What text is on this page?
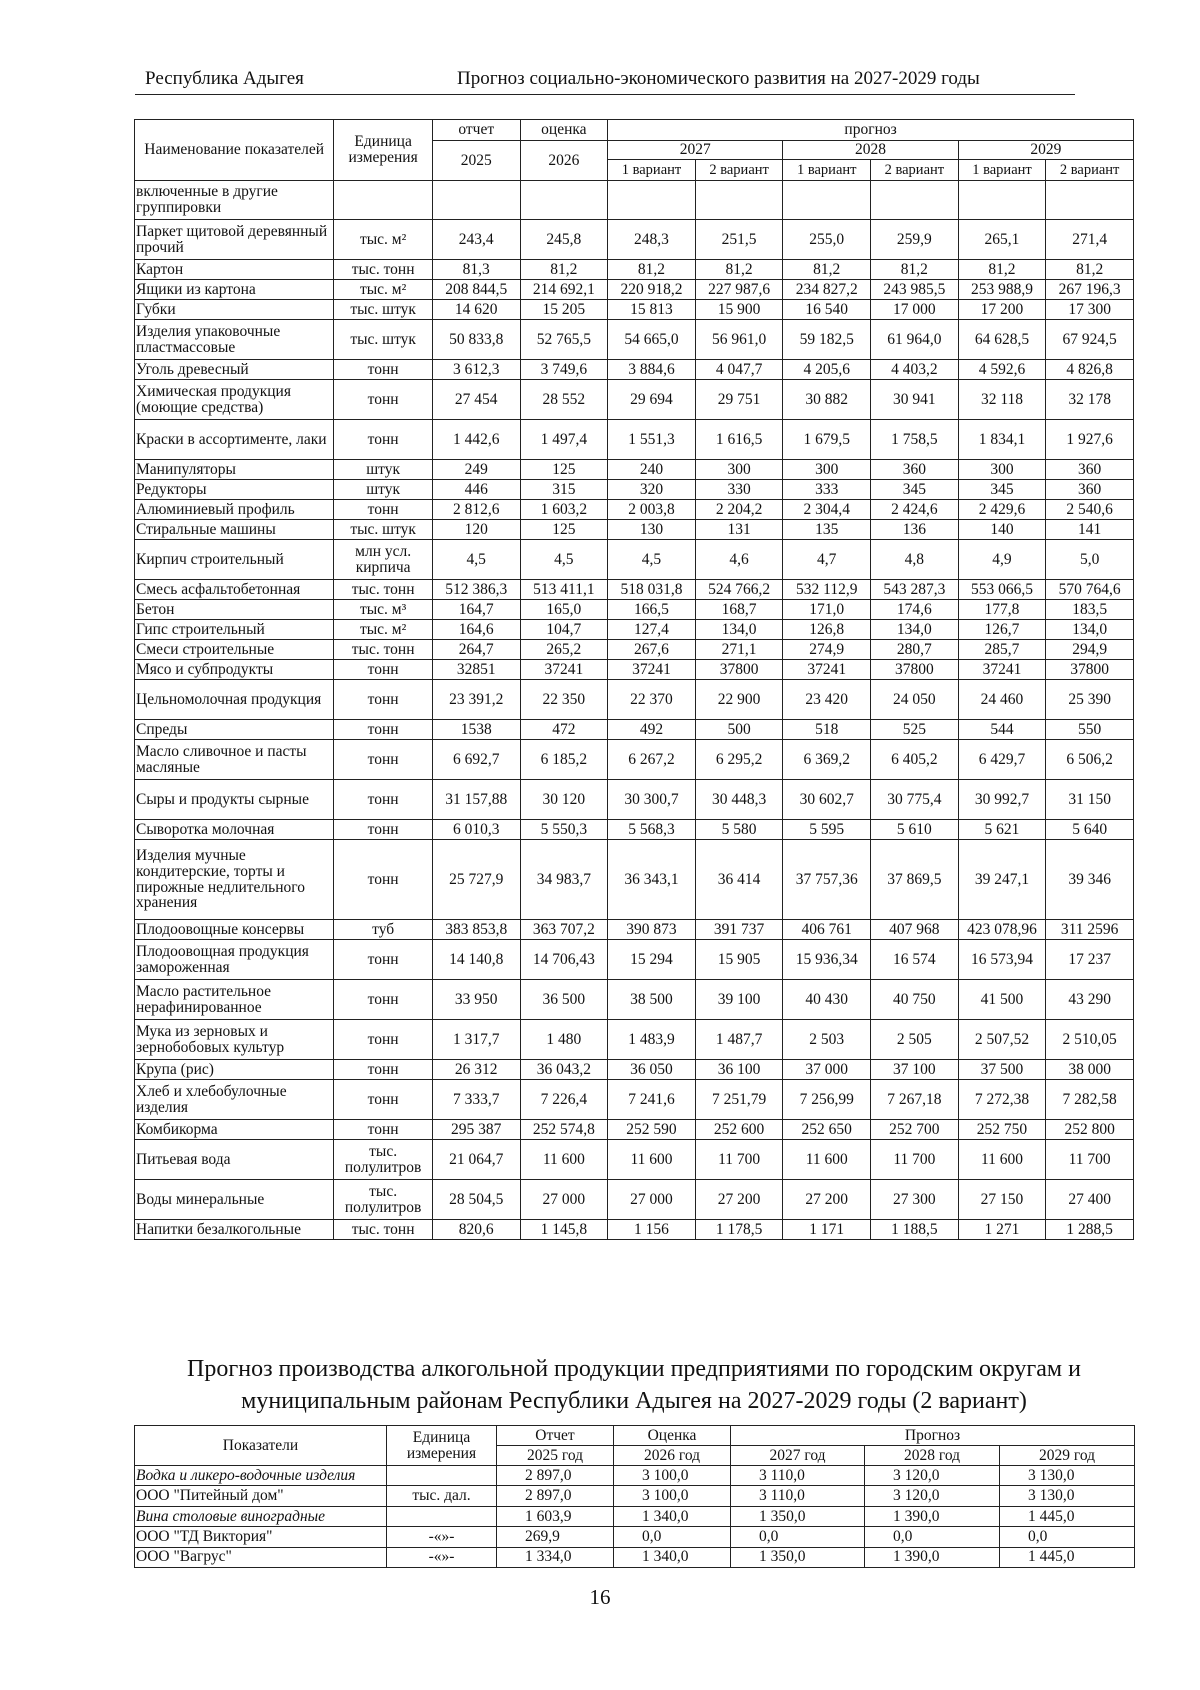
Республика Адыгея	Прогноз социально-экономического развития на 2027-2029 годы
Наименование показателей	Единица измерения	отчет	оценка	прогноз					
		2025	2026	2027		2028		2029	
				1 вариант	2 вариант	1 вариант	2 вариант	1 вариант	2 вариант
включенные в другие группировки									
Паркет щитовой деревянный прочий	тыс. м²	243,4	245,8	248,3	251,5	255,0	259,9	265,1	271,4
Картон	тыс. тонн	81,3	81,2	81,2	81,2	81,2	81,2	81,2	81,2
Ящики из картона	тыс. м²	208 844,5	214 692,1	220 918,2	227 987,6	234 827,2	243 985,5	253 988,9	267 196,3
Губки	тыс. штук	14 620	15 205	15 813	15 900	16 540	17 000	17 200	17 300
Изделия упаковочные пластмассовые	тыс. штук	50 833,8	52 765,5	54 665,0	56 961,0	59 182,5	61 964,0	64 628,5	67 924,5
Уголь древесный	тонн	3 612,3	3 749,6	3 884,6	4 047,7	4 205,6	4 403,2	4 592,6	4 826,8
Химическая продукция (моющие средства)	тонн	27 454	28 552	29 694	29 751	30 882	30 941	32 118	32 178
Краски в ассортименте, лаки	тонн	1 442,6	1 497,4	1 551,3	1 616,5	1 679,5	1 758,5	1 834,1	1 927,6
Манипуляторы	штук	249	125	240	300	300	360	300	360
Редукторы	штук	446	315	320	330	333	345	345	360
Алюминиевый профиль	тонн	2 812,6	1 603,2	2 003,8	2 204,2	2 304,4	2 424,6	2 429,6	2 540,6
Стиральные машины	тыс. штук	120	125	130	131	135	136	140	141
Кирпич строительный	млн усл. кирпича	4,5	4,5	4,5	4,6	4,7	4,8	4,9	5,0
Смесь асфальтобетонная	тыс. тонн	512 386,3	513 411,1	518 031,8	524 766,2	532 112,9	543 287,3	553 066,5	570 764,6
Бетон	тыс. м³	164,7	165,0	166,5	168,7	171,0	174,6	177,8	183,5
Гипс строительный	тыс. м²	164,6	104,7	127,4	134,0	126,8	134,0	126,7	134,0
Смеси строительные	тыс. тонн	264,7	265,2	267,6	271,1	274,9	280,7	285,7	294,9
Мясо и субпродукты	тонн	32851	37241	37241	37800	37241	37800	37241	37800
Цельномолочная продукция	тонн	23 391,2	22 350	22 370	22 900	23 420	24 050	24 460	25 390
Спреды	тонн	1538	472	492	500	518	525	544	550
Масло сливочное и пасты масляные	тонн	6 692,7	6 185,2	6 267,2	6 295,2	6 369,2	6 405,2	6 429,7	6 506,2
Сыры и продукты сырные	тонн	31 157,88	30 120	30 300,7	30 448,3	30 602,7	30 775,4	30 992,7	31 150
Сыворотка молочная	тонн	6 010,3	5 550,3	5 568,3	5 580	5 595	5 610	5 621	5 640
Изделия мучные кондитерские, торты и пирожные недлительного хранения	тонн	25 727,9	34 983,7	36 343,1	36 414	37 757,36	37 869,5	39 247,1	39 346
Плодоовощные консервы	туб	383 853,8	363 707,2	390 873	391 737	406 761	407 968	423 078,96	311 2596
Плодоовощная продукция замороженная	тонн	14 140,8	14 706,43	15 294	15 905	15 936,34	16 574	16 573,94	17 237
Масло растительное нерафинированное	тонн	33 950	36 500	38 500	39 100	40 430	40 750	41 500	43 290
Мука из зерновых и зернобобовых культур	тонн	1 317,7	1 480	1 483,9	1 487,7	2 503	2 505	2 507,52	2 510,05
Крупа (рис)	тонн	26 312	36 043,2	36 050	36 100	37 000	37 100	37 500	38 000
Хлеб и хлебобулочные изделия	тонн	7 333,7	7 226,4	7 241,6	7 251,79	7 256,99	7 267,18	7 272,38	7 282,58
Комбикорма	тонн	295 387	252 574,8	252 590	252 600	252 650	252 700	252 750	252 800
Питьевая вода	тыс. полулитров	21 064,7	11 600	11 600	11 700	11 600	11 700	11 600	11 700
Воды минеральные	тыс. полулитров	28 504,5	27 000	27 000	27 200	27 200	27 300	27 150	27 400
Напитки безалкогольные	тыс. тонн	820,6	1 145,8	1 156	1 178,5	1 171	1 188,5	1 271	1 288,5
Прогноз производства алкогольной продукции предприятиями по городским округам и муниципальным районам Республики Адыгея на 2027-2029 годы (2 вариант)
Показатели	Единица измерения	Отчет	Оценка	Прогноз		
		2025 год	2026 год	2027 год	2028 год	2029 год
Водка и ликеро-водочные изделия		2 897,0	3 100,0	3 110,0	3 120,0	3 130,0
ООО "Питейный дом"	тыс. дал.	2 897,0	3 100,0	3 110,0	3 120,0	3 130,0
Вина столовые виноградные		1 603,9	1 340,0	1 350,0	1 390,0	1 445,0
ООО "ТД Виктория"	-«»-	269,9	0,0	0,0	0,0	0,0
ООО "Вагрус"	-«»-	1 334,0	1 340,0	1 350,0	1 390,0	1 445,0
16
